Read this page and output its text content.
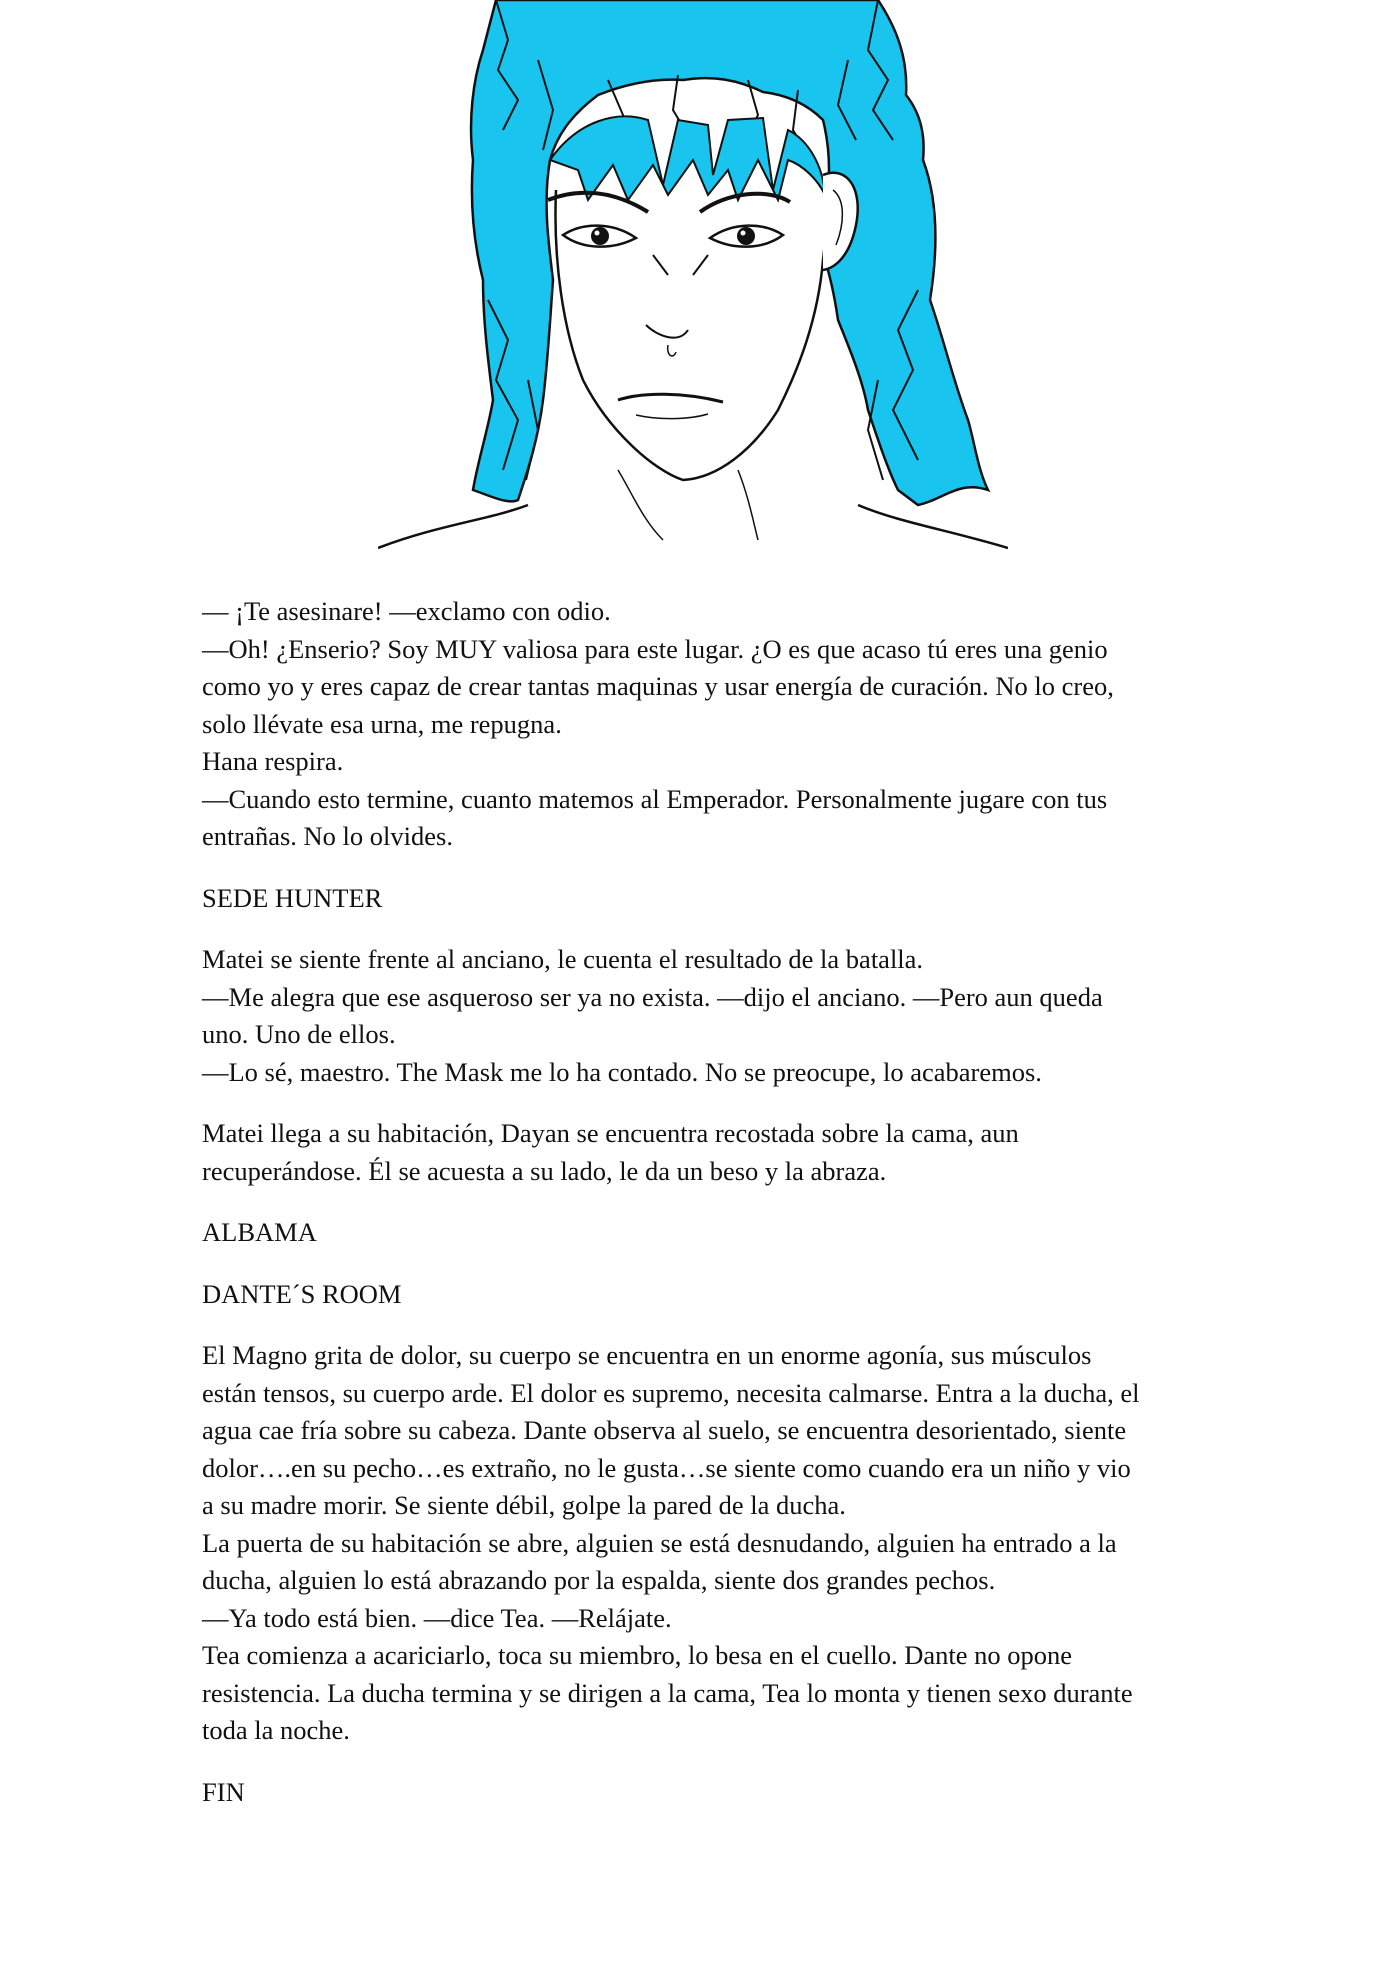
— ¡Te asesinare! —exclamo con odio.
—Oh! ¿Enserio? Soy MUY valiosa para este lugar. ¿O es que acaso tú eres una genio
como yo y eres capaz de crear tantas maquinas y usar energía de curación. No lo creo,
solo llévate esa urna, me repugna.
Hana respira.
—Cuando esto termine, cuanto matemos al Emperador. Personalmente jugare con tus
entrañas. No lo olvides.

SEDE HUNTER

Matei se siente frente al anciano, le cuenta el resultado de la batalla.
—Me alegra que ese asqueroso ser ya no exista. —dijo el anciano. —Pero aun queda
uno. Uno de ellos.
—Lo sé, maestro. The Mask me lo ha contado. No se preocupe, lo acabaremos.

Matei llega a su habitación, Dayan se encuentra recostada sobre la cama, aun
recuperándose. Él se acuesta a su lado, le da un beso y la abraza.

ALBAMA

DANTE´S ROOM

El Magno grita de dolor, su cuerpo se encuentra en un enorme agonía, sus músculos
están tensos, su cuerpo arde. El dolor es supremo, necesita calmarse. Entra a la ducha, el
agua cae fría sobre su cabeza. Dante observa al suelo, se encuentra desorientado, siente
dolor….en su pecho…es extraño, no le gusta…se siente como cuando era un niño y vio
a su madre morir. Se siente débil, golpe la pared de la ducha.
La puerta de su habitación se abre, alguien se está desnudando, alguien ha entrado a la
ducha, alguien lo está abrazando por la espalda, siente dos grandes pechos.
—Ya todo está bien. —dice Tea. —Relájate.
Tea comienza a acariciarlo, toca su miembro, lo besa en el cuello. Dante no opone
resistencia. La ducha termina y se dirigen a la cama, Tea lo monta y tienen sexo durante
toda la noche.

FIN
